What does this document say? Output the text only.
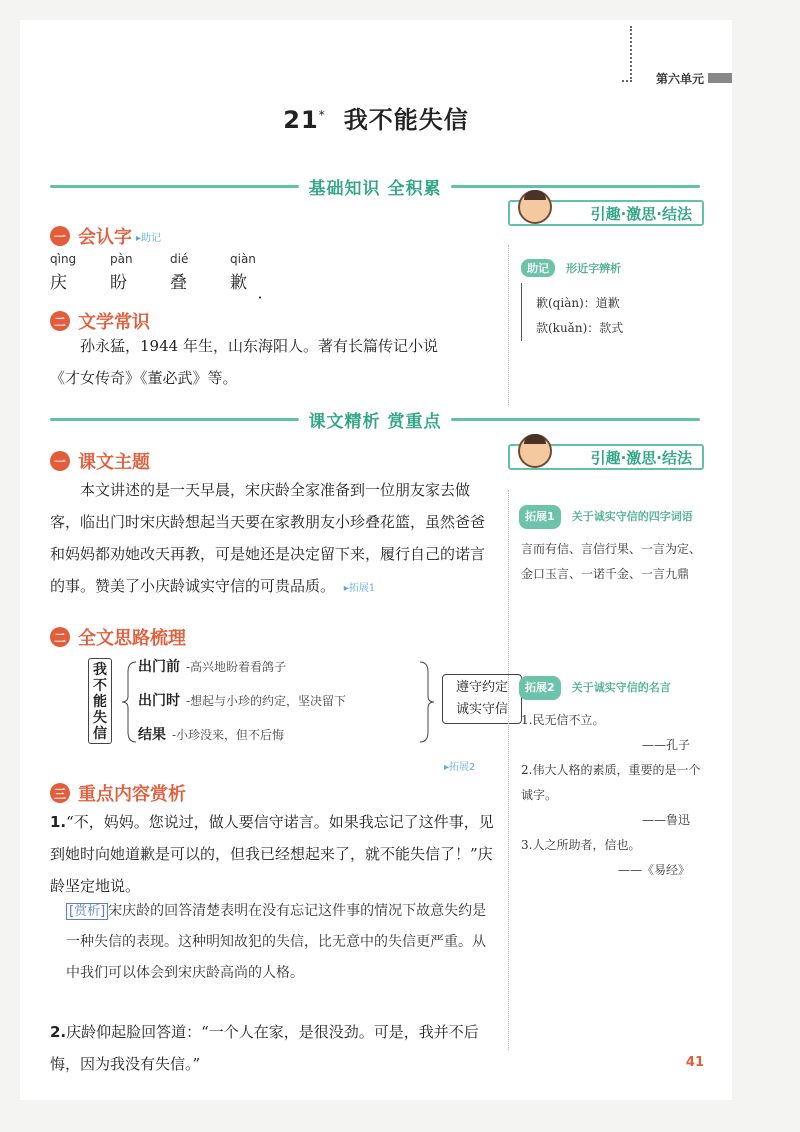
第六单元
21* 我不能失信
基础知识 全积累
引趣·激思·结法
一 会认字 ▸助记
qìng
庆
pàn
盼
dié
叠
qiàn
歉 ·
二 文学常识
孙永猛，1944 年生，山东海阳人。著有长篇传记小说
《才女传奇》《董必武》等。
助记 形近字辨析
歉(qiàn)：道歉
款(kuǎn)：款式
课文精析 赏重点
引趣·激思·结法
一 课文主题
本文讲述的是一天早晨，宋庆龄全家准备到一位朋友家去做客，临出门时宋庆龄想起当天要在家教朋友小珍叠花篮，虽然爸爸和妈妈都劝她改天再教，可是她还是决定留下来，履行自己的诺言的事。赞美了小庆龄诚实守信的可贵品质。 ▸拓展1
二 全文思路梳理
我不能失信
出门前 -高兴地盼着看鸽子
出门时 -想起与小珍的约定，坚决留下
结果 -小珍没来，但不后悔
遵守约定
诚实守信
▸拓展2
三 重点内容赏析
1.“不，妈妈。您说过，做人要信守诺言。如果我忘记了这件事，见到她时向她道歉是可以的，但我已经想起来了，就不能失信了！”庆龄坚定地说。
[赏析] 宋庆龄的回答清楚表明在没有忘记这件事的情况下故意失约是一种失信的表现。这种明知故犯的失信，比无意中的失信更严重。从中我们可以体会到宋庆龄高尚的人格。
2.庆龄仰起脸回答道：“一个人在家，是很没劲。可是，我并不后悔，因为我没有失信。”
拓展1 关于诚实守信的四字词语
言而有信、言信行果、一言为定、金口玉言、一诺千金、一言九鼎
拓展2 关于诚实守信的名言
1.民无信不立。
——孔子
2.伟大人格的素质，重要的是一个诚字。
——鲁迅
3.人之所助者，信也。
——《易经》
41
